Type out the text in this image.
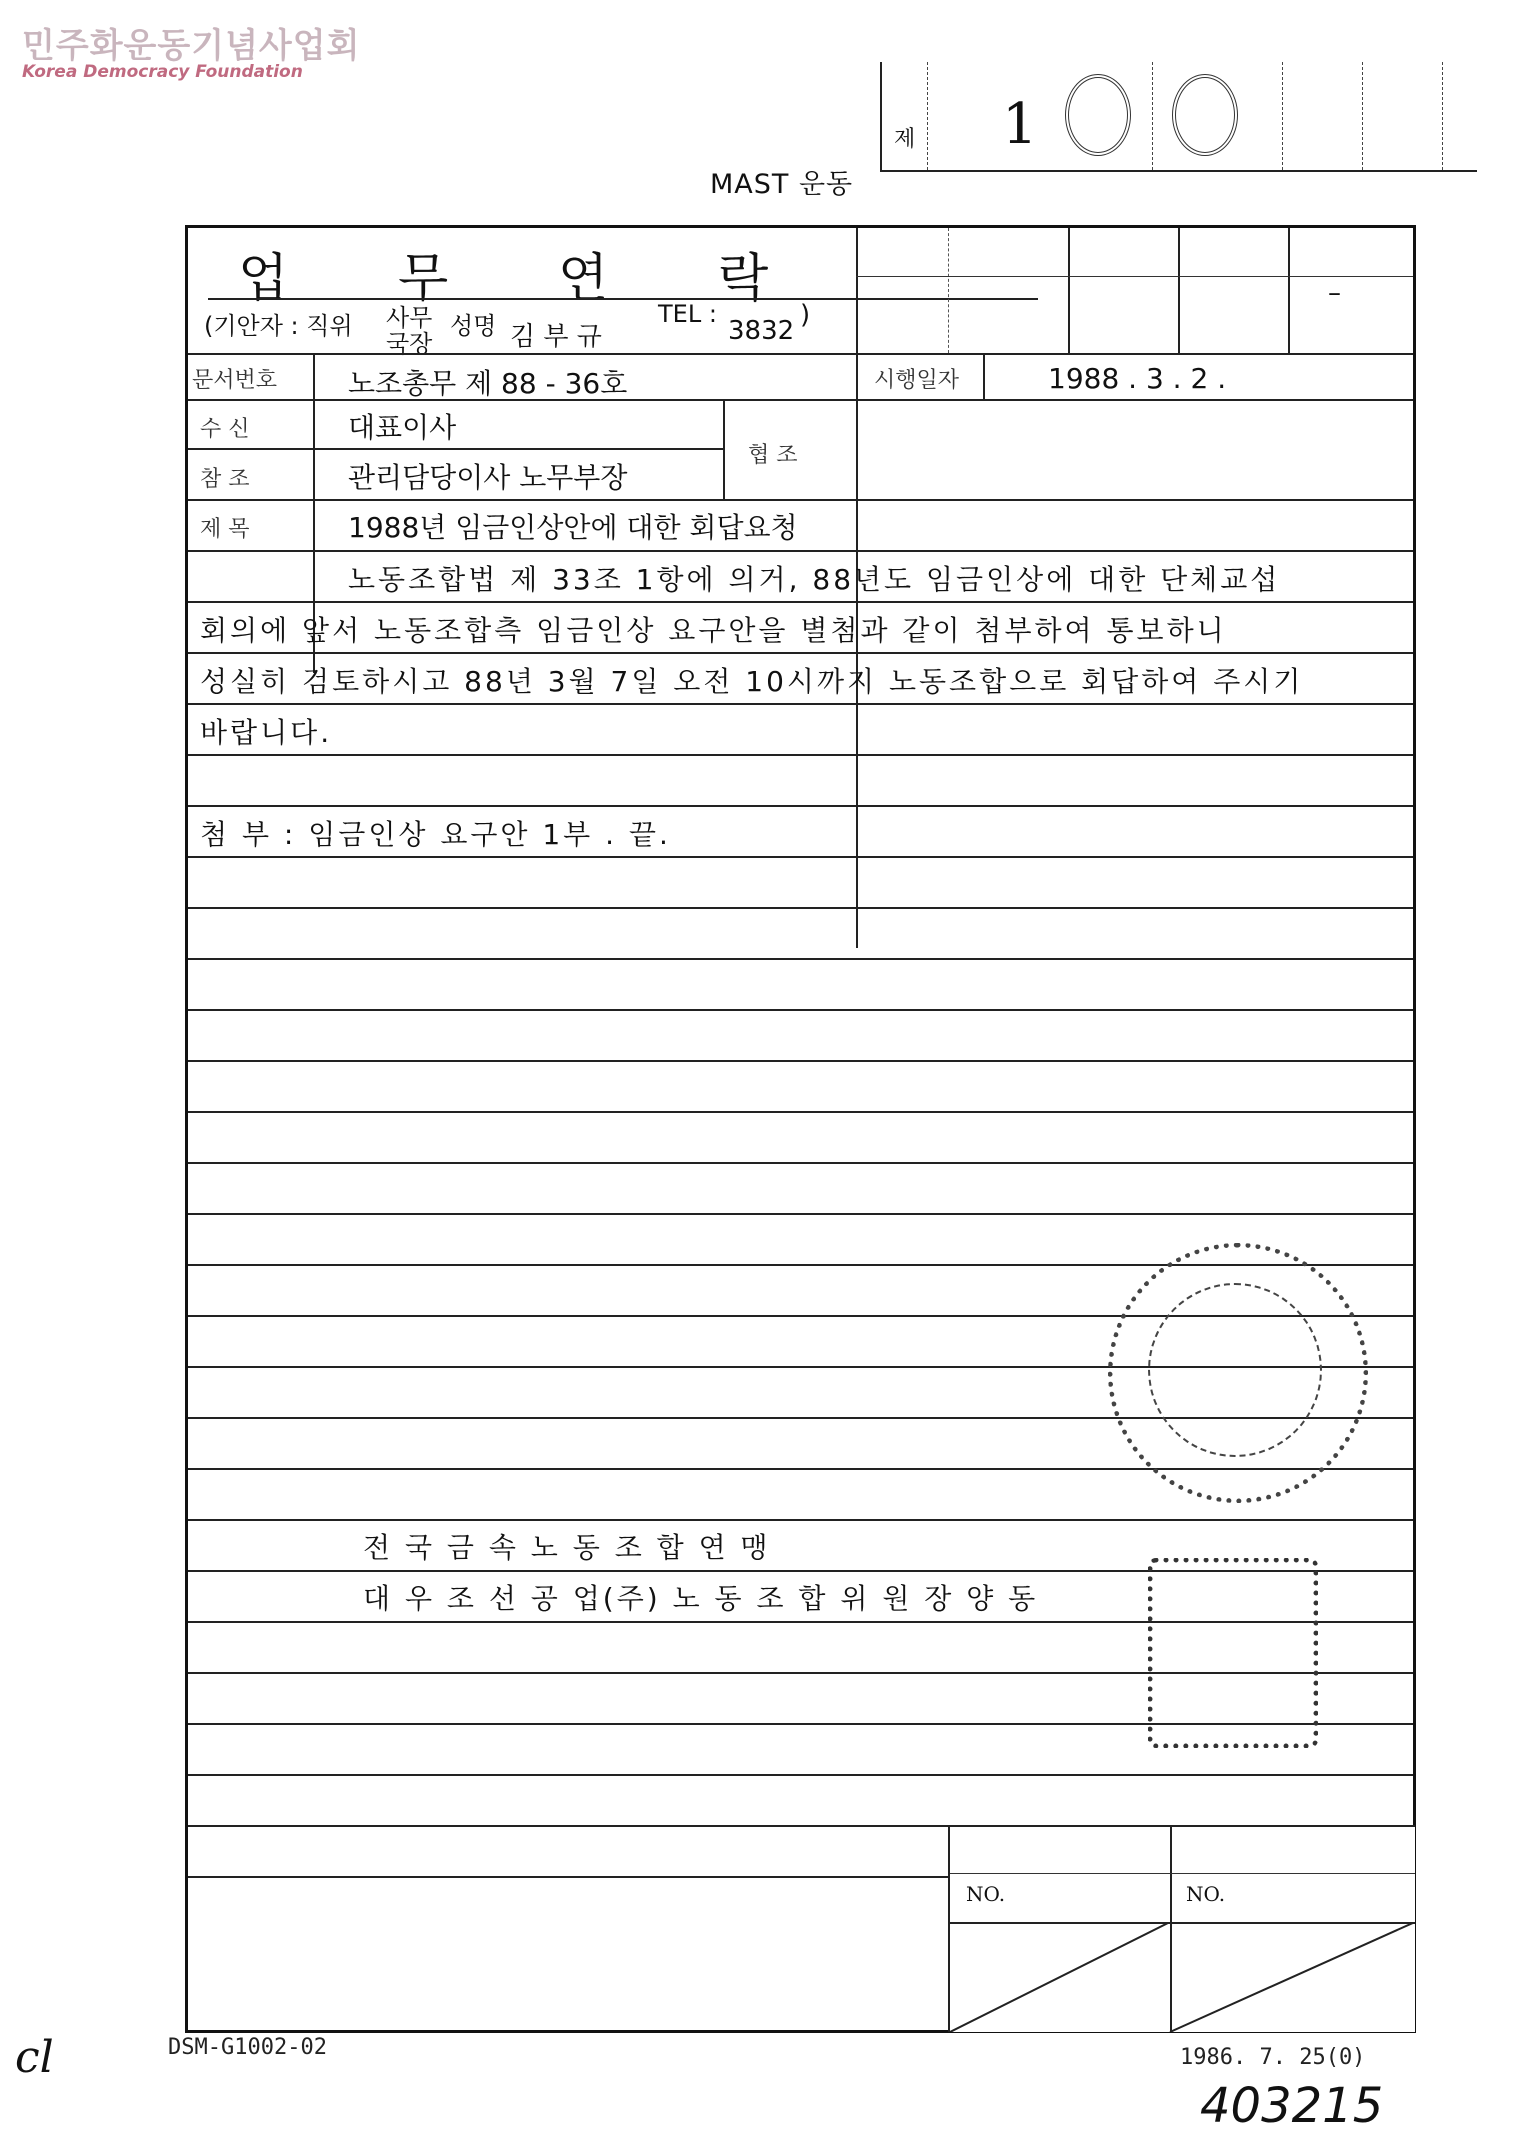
민주화운동기념사업회
Korea Democracy Foundation
제 1
MAST 운동
업 무 연 락
(기안자 : 직위 사무
국장
성명 김 부 규
TEL :
3832
)
–
문서번호	노조총무 제 88 - 36호	시행일자	1988 . 3 . 2 .
수 신	대표이사
참 조	관리담당이사 노무부장
협 조
제 목	1988년 임금인상안에 대한 회답요청
노동조합법 제 33조 1항에 의거, 88년도 임금인상에 대한 단체교섭
회의에 앞서 노동조합측 임금인상 요구안을 별첨과 같이 첨부하여 통보하니
성실히 검토하시고 88년 3월 7일 오전 10시까지 노동조합으로 회답하여 주시기
바랍니다.
첨 부 : 임금인상 요구안 1부 . 끝.
전 국 금 속 노 동 조 합 연 맹
대 우 조 선 공 업(주) 노 동 조 합 위 원 장 양 동
NO.	NO.
DSM-G1002-02	1986. 7. 25(0)
403215
cl
